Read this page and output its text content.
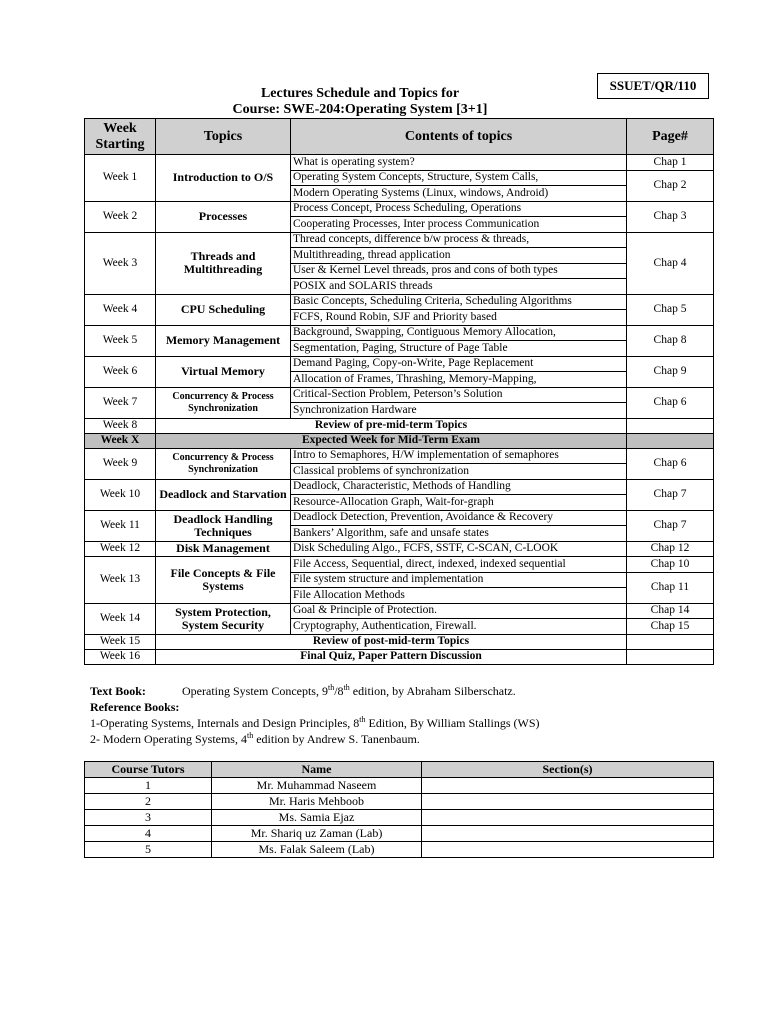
SSUET/QR/110
Lectures Schedule and Topics for
Course: SWE-204:Operating System [3+1]
Week
Starting	Topics	Contents of topics	Page#
Week 1	Introduction to O/S	What is operating system?	Chap 1
		Operating System Concepts, Structure, System Calls,	Chap 2
		Modern Operating Systems (Linux, windows, Android)	
Week 2	Processes	Process Concept, Process Scheduling, Operations	Chap 3
		Cooperating Processes, Inter process Communication	
Week 3	Threads and Multithreading	Thread concepts, difference b/w process & threads,	Chap 4
		Multithreading, thread application	
		User & Kernel Level threads, pros and cons of both types	
		POSIX and SOLARIS threads	
Week 4	CPU Scheduling	Basic Concepts, Scheduling Criteria, Scheduling Algorithms	Chap 5
		FCFS, Round Robin, SJF and Priority based	
Week 5	Memory Management	Background, Swapping, Contiguous Memory Allocation,	Chap 8
		Segmentation, Paging, Structure of Page Table	
Week 6	Virtual Memory	Demand Paging, Copy-on-Write, Page Replacement	Chap 9
		Allocation of Frames, Thrashing, Memory-Mapping,	
Week 7	Concurrency & Process Synchronization	Critical-Section Problem, Peterson’s Solution	Chap 6
		Synchronization Hardware	
Week 8	Review of pre-mid-term Topics		
Week X	Expected Week for Mid-Term Exam		
Week 9	Concurrency & Process Synchronization	Intro to Semaphores, H/W implementation of semaphores	Chap 6
		Classical problems of synchronization	
Week 10	Deadlock and Starvation	Deadlock, Characteristic, Methods of Handling	Chap 7
		Resource-Allocation Graph, Wait-for-graph	
Week 11	Deadlock Handling Techniques	Deadlock Detection, Prevention, Avoidance & Recovery	Chap 7
		Bankers’ Algorithm, safe and unsafe states	
Week 12	Disk Management	Disk Scheduling Algo., FCFS, SSTF, C-SCAN, C-LOOK	Chap 12
Week 13	File Concepts & File Systems	File Access, Sequential, direct, indexed, indexed sequential	Chap 10
		File system structure and implementation	Chap 11
		File Allocation Methods	
Week 14	System Protection, System Security	Goal & Principle of Protection.	Chap 14
		Cryptography, Authentication, Firewall.	Chap 15
Week 15	Review of post-mid-term Topics		
Week 16	Final Quiz, Paper Pattern Discussion		
Text Book:	Operating System Concepts, 9th/8th edition, by Abraham Silberschatz.
Reference Books:
1-Operating Systems, Internals and Design Principles, 8th Edition, By William Stallings (WS)
2- Modern Operating Systems, 4th edition by Andrew S. Tanenbaum.
Course Tutors	Name	Section(s)
1	Mr. Muhammad Naseem	
2	Mr. Haris Mehboob	
3	Ms. Samia Ejaz	
4	Mr. Shariq uz Zaman (Lab)	
5	Ms. Falak Saleem (Lab)	
